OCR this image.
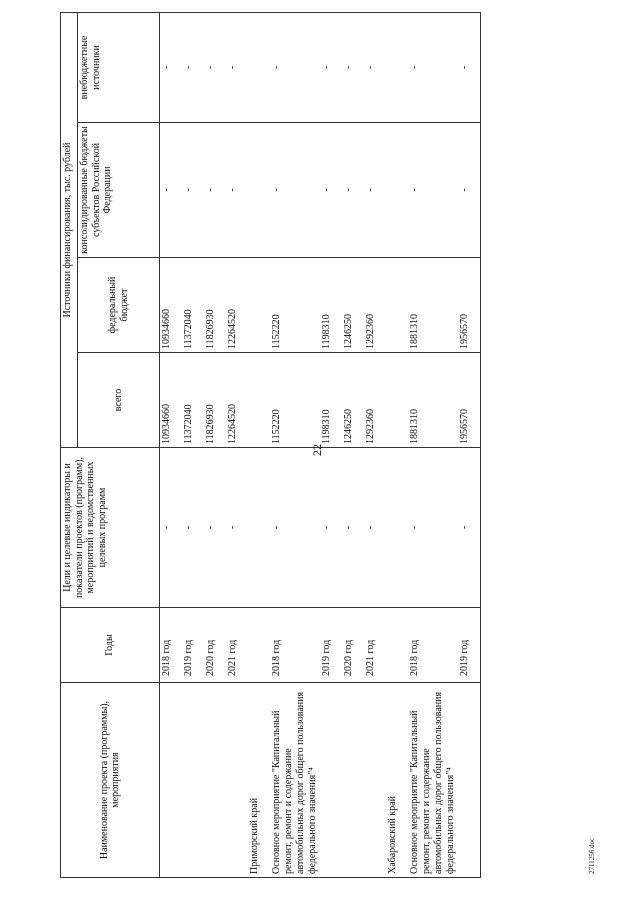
22
Наименование проекта (программы), мероприятия	Годы	Цели и целевые индикаторы и показатели проектов (программ), мероприятий и ведомственных целевых программ	Источники финансирования, тыс. рублей			
			всего	федеральный бюджет	консолидированные бюджеты субъектов Российской Федерации	внебюджетные источники
	2018 год	-	10934660	10934660	-	-
	2019 год	-	11372040	11372040	-	-
	2020 год	-	11826930	11826930	-	-
	2021 год	-	12264520	12264520	-	-
Приморский край						
Основное мероприятие "Капитальный ремонт, ремонт и содержание автомобильных дорог общего пользования федерального значения"⁴	2018 год	-	1152220	1152220	-	-
	2019 год	-	1198310	1198310	-	-
	2020 год	-	1246250	1246250	-	-
	2021 год	-	1292360	1292360	-	-
Хабаровский край						
Основное мероприятие "Капитальный ремонт, ремонт и содержание автомобильных дорог общего пользования федерального значения"⁴	2018 год	-	1881310	1881310	-	-
	2019 год	-	1956570	1956570	-	-
2711256.doc
